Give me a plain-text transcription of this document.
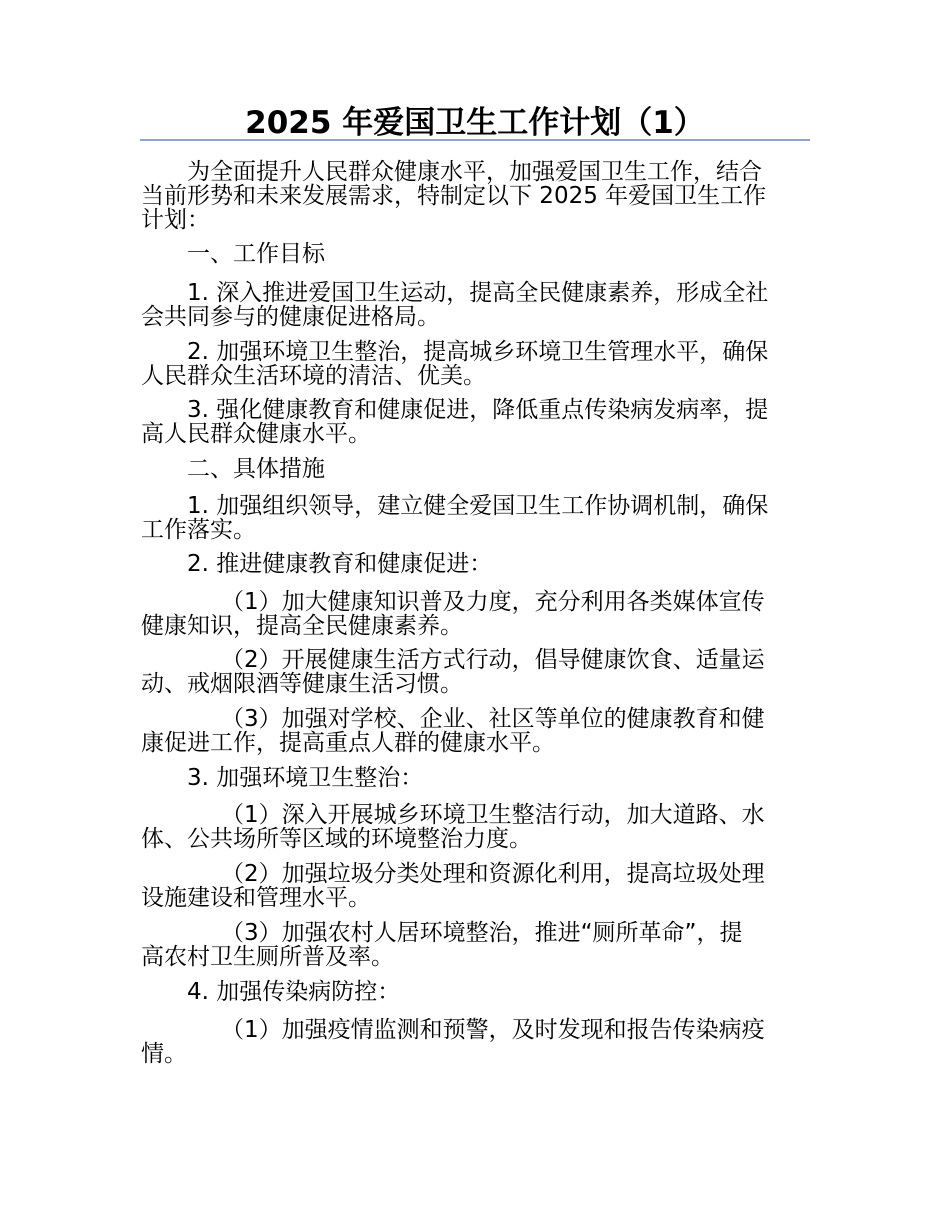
2025 年爱国卫生工作计划（1）
为全面提升人民群众健康水平，加强爱国卫生工作，结合
当前形势和未来发展需求，特制定以下 2025 年爱国卫生工作
计划：
一、工作目标
1. 深入推进爱国卫生运动，提高全民健康素养，形成全社
会共同参与的健康促进格局。
2. 加强环境卫生整治，提高城乡环境卫生管理水平，确保
人民群众生活环境的清洁、优美。
3. 强化健康教育和健康促进，降低重点传染病发病率，提
高人民群众健康水平。
二、具体措施
1. 加强组织领导，建立健全爱国卫生工作协调机制，确保
工作落实。
2. 推进健康教育和健康促进：
（1）加大健康知识普及力度，充分利用各类媒体宣传
健康知识，提高全民健康素养。
（2）开展健康生活方式行动，倡导健康饮食、适量运
动、戒烟限酒等健康生活习惯。
（3）加强对学校、企业、社区等单位的健康教育和健
康促进工作，提高重点人群的健康水平。
3. 加强环境卫生整治：
（1）深入开展城乡环境卫生整洁行动，加大道路、水
体、公共场所等区域的环境整治力度。
（2）加强垃圾分类处理和资源化利用，提高垃圾处理
设施建设和管理水平。
（3）加强农村人居环境整治，推进“厕所革命”，提
高农村卫生厕所普及率。
4. 加强传染病防控：
（1）加强疫情监测和预警，及时发现和报告传染病疫
情。
